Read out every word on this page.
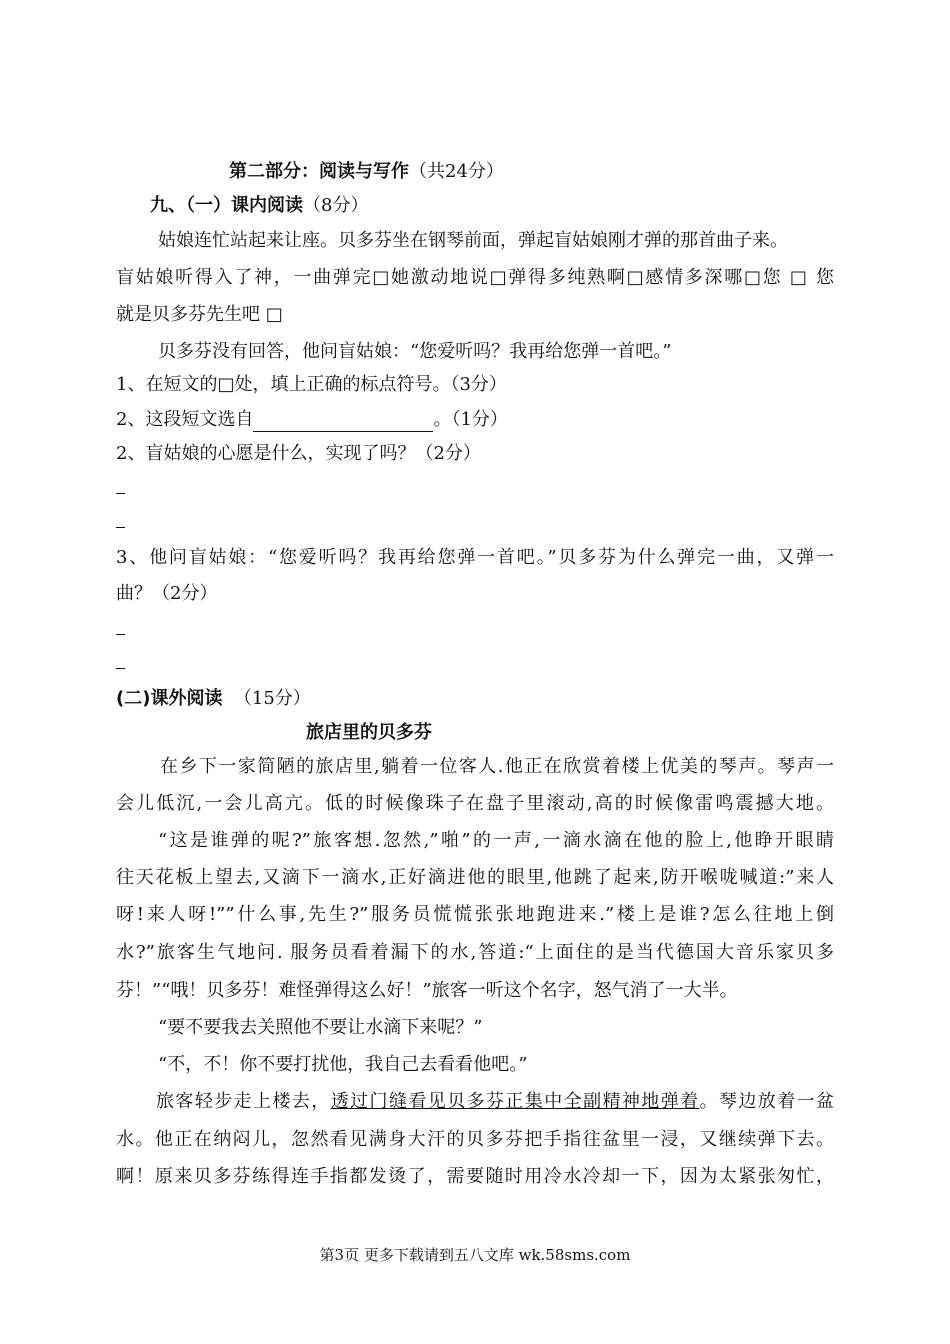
第二部分：阅读与写作（共24分）
九、（一）课内阅读（8分）
姑娘连忙站起来让座。贝多芬坐在钢琴前面，弹起盲姑娘刚才弹的那首曲子来。
盲姑娘听得入了神，一曲弹完□她激动地说□弹得多纯熟啊□感情多深哪□您 □ 您
就是贝多芬先生吧 □
贝多芬没有回答，他问盲姑娘：“您爱听吗？我再给您弹一首吧。”
1、在短文的□处，填上正确的标点符号。（3分）
2、这段短文选自	。（1分）
2、盲姑娘的心愿是什么，实现了吗？（2分）
3、他问盲姑娘：“您爱听吗？我再给您弹一首吧。”贝多芬为什么弹完一曲，又弹一
曲？（2分）
(二)课外阅读 （15分）
旅店里的贝多芬
在乡下一家简陋的旅店里,躺着一位客人.他正在欣赏着楼上优美的琴声。琴声一
会儿低沉,一会儿高亢。低的时候像珠子在盘子里滚动,高的时候像雷鸣震撼大地。
“这是谁弹的呢?”旅客想.忽然,”啪”的一声,一滴水滴在他的脸上,他睁开眼睛
往天花板上望去,又滴下一滴水,正好滴进他的眼里,他跳了起来,防开喉咙喊道:”来人
呀!来人呀!””什么事,先生?”服务员慌慌张张地跑进来.”楼上是谁?怎么往地上倒
水?”旅客生气地问. 服务员看着漏下的水,答道:“上面住的是当代德国大音乐家贝多
芬！”“哦！贝多芬！难怪弹得这么好！”旅客一听这个名字，怒气消了一大半。
“要不要我去关照他不要让水滴下来呢？”
“不，不！你不要打扰他，我自己去看看他吧。”
旅客轻步走上楼去，透过门缝看见贝多芬正集中全副精神地弹着。琴边放着一盆
水。他正在纳闷儿，忽然看见满身大汗的贝多芬把手指往盆里一浸，又继续弹下去。
啊！原来贝多芬练得连手指都发烫了，需要随时用冷水冷却一下，因为太紧张匆忙，
第3页 更多下载请到五八文库 wk.58sms.com
